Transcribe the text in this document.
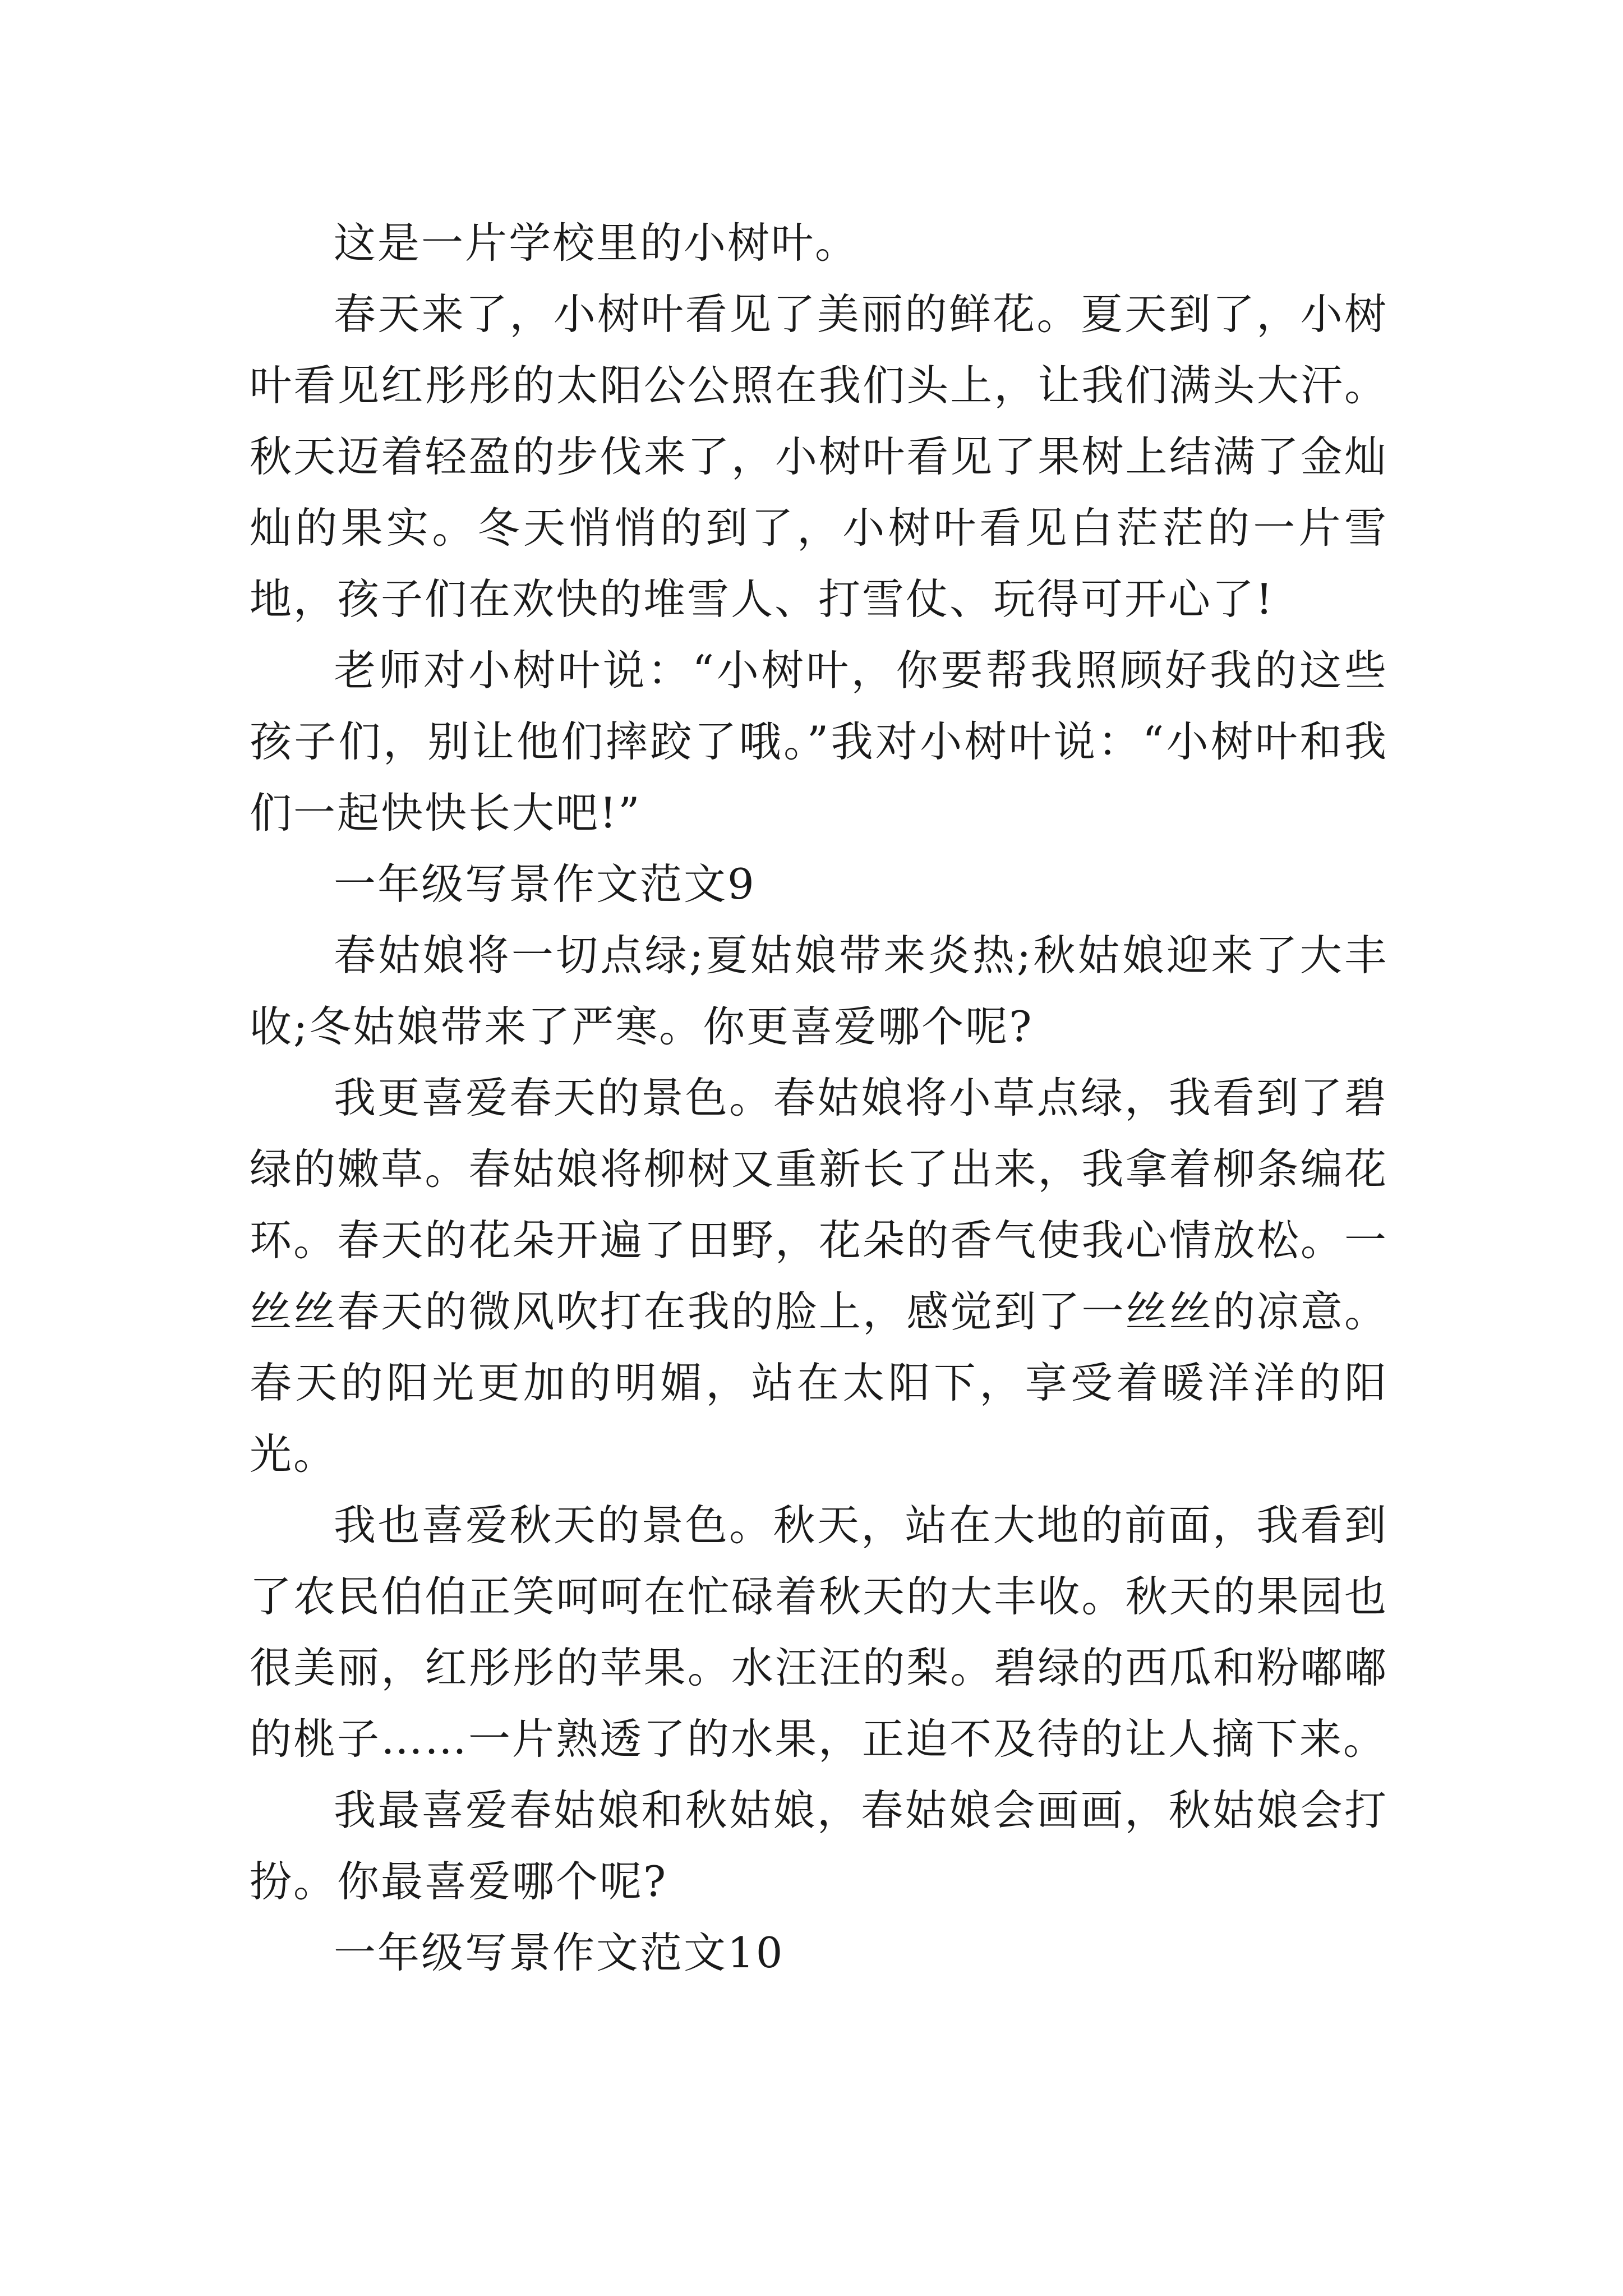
这是一片学校里的小树叶。

春天来了，小树叶看见了美丽的鲜花。夏天到了，小树叶看见红彤彤的太阳公公照在我们头上，让我们满头大汗。秋天迈着轻盈的步伐来了，小树叶看见了果树上结满了金灿灿的果实。冬天悄悄的到了，小树叶看见白茫茫的一片雪地，孩子们在欢快的堆雪人、打雪仗、玩得可开心了!

老师对小树叶说：“小树叶，你要帮我照顾好我的这些孩子们，别让他们摔跤了哦。”我对小树叶说：“小树叶和我们一起快快长大吧!”

一年级写景作文范文9

春姑娘将一切点绿;夏姑娘带来炎热;秋姑娘迎来了大丰收;冬姑娘带来了严寒。你更喜爱哪个呢?

我更喜爱春天的景色。春姑娘将小草点绿，我看到了碧绿的嫩草。春姑娘将柳树又重新长了出来，我拿着柳条编花环。春天的花朵开遍了田野，花朵的香气使我心情放松。一丝丝春天的微风吹打在我的脸上，感觉到了一丝丝的凉意。春天的阳光更加的明媚，站在太阳下，享受着暖洋洋的阳光。

我也喜爱秋天的景色。秋天，站在大地的前面，我看到了农民伯伯正笑呵呵在忙碌着秋天的大丰收。秋天的果园也很美丽，红彤彤的苹果。水汪汪的梨。碧绿的西瓜和粉嘟嘟的桃子……一片熟透了的水果，正迫不及待的让人摘下来。

我最喜爱春姑娘和秋姑娘，春姑娘会画画，秋姑娘会打扮。你最喜爱哪个呢?

一年级写景作文范文10
